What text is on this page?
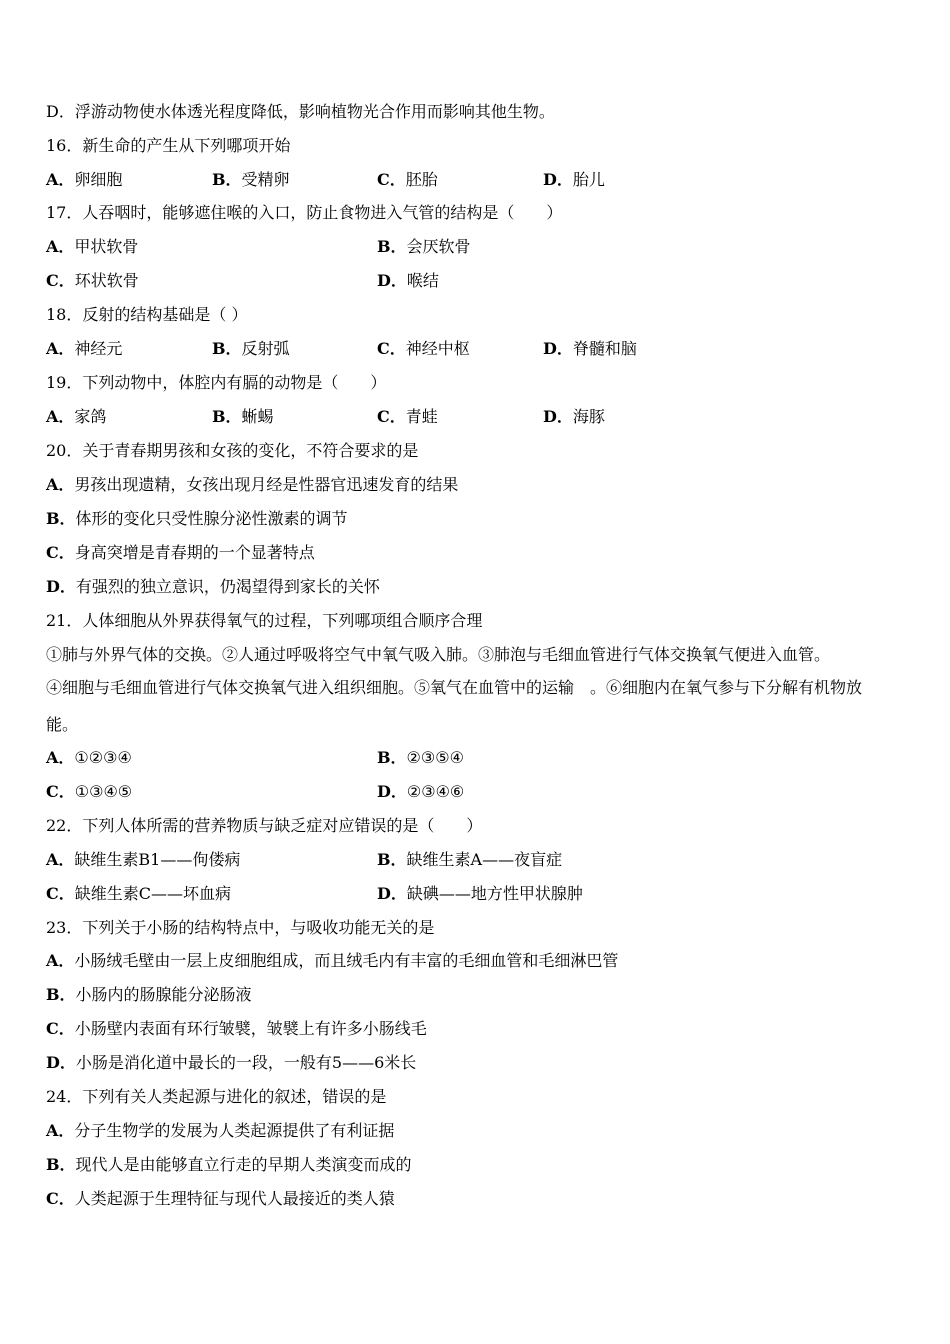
D．浮游动物使水体透光程度降低，影响植物光合作用而影响其他生物。
16．新生命的产生从下列哪项开始
A．卵细胞	B．受精卵	C．胚胎	D．胎儿
17．人吞咽时，能够遮住喉的入口，防止食物进入气管的结构是（　　）
A．甲状软骨	B．会厌软骨
C．环状软骨	D．喉结
18．反射的结构基础是（ ）
A．神经元	B．反射弧	C．神经中枢	D．脊髓和脑
19．下列动物中，体腔内有膈的动物是（　　）
A．家鸽	B．蜥蜴	C．青蛙	D．海豚
20．关于青春期男孩和女孩的变化，不符合要求的是
A．男孩出现遗精，女孩出现月经是性器官迅速发育的结果
B．体形的变化只受性腺分泌性激素的调节
C．身高突增是青春期的一个显著特点
D．有强烈的独立意识，仍渴望得到家长的关怀
21．人体细胞从外界获得氧气的过程，下列哪项组合顺序合理
①肺与外界气体的交换。②人通过呼吸将空气中氧气吸入肺。③肺泡与毛细血管进行气体交换氧气便进入血管。
④细胞与毛细血管进行气体交换氧气进入组织细胞。⑤氧气在血管中的运输　。⑥细胞内在氧气参与下分解有机物放
能。
A．①②③④	B．②③⑤④
C．①③④⑤	D．②③④⑥
22．下列人体所需的营养物质与缺乏症对应错误的是（　　）
A．缺维生素B1——佝偻病	B．缺维生素A——夜盲症
C．缺维生素C——坏血病	D．缺碘——地方性甲状腺肿
23．下列关于小肠的结构特点中，与吸收功能无关的是
A．小肠绒毛壁由一层上皮细胞组成，而且绒毛内有丰富的毛细血管和毛细淋巴管
B．小肠内的肠腺能分泌肠液
C．小肠壁内表面有环行皱襞，皱襞上有许多小肠线毛
D．小肠是消化道中最长的一段，一般有5——6米长
24．下列有关人类起源与进化的叙述，错误的是
A．分子生物学的发展为人类起源提供了有利证据
B．现代人是由能够直立行走的早期人类演变而成的
C．人类起源于生理特征与现代人最接近的类人猿
